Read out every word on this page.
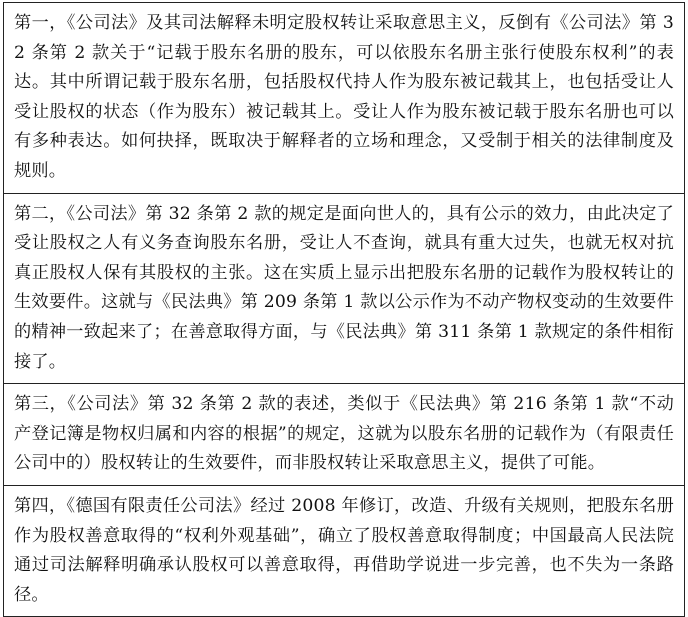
第一，《公司法》及其司法解释未明定股权转让采取意思主义，反倒有《公司法》第 32 条第 2 款关于“记载于股东名册的股东，可以依股东名册主张行使股东权利”的表达。其中所谓记载于股东名册，包括股权代持人作为股东被记载其上，也包括受让人受让股权的状态（作为股东）被记载其上。受让人作为股东被记载于股东名册也可以有多种表达。如何抉择，既取决于解释者的立场和理念，又受制于相关的法律制度及规则。
第二，《公司法》第 32 条第 2 款的规定是面向世人的，具有公示的效力，由此决定了受让股权之人有义务查询股东名册，受让人不查询，就具有重大过失，也就无权对抗真正股权人保有其股权的主张。这在实质上显示出把股东名册的记载作为股权转让的生效要件。这就与《民法典》第 209 条第 1 款以公示作为不动产物权变动的生效要件的精神一致起来了；在善意取得方面，与《民法典》第 311 条第 1 款规定的条件相衔接了。
第三，《公司法》第 32 条第 2 款的表述，类似于《民法典》第 216 条第 1 款“不动产登记簿是物权归属和内容的根据”的规定，这就为以股东名册的记载作为（有限责任公司中的）股权转让的生效要件，而非股权转让采取意思主义，提供了可能。
第四，《德国有限责任公司法》经过 2008 年修订，改造、升级有关规则，把股东名册作为股权善意取得的“权利外观基础”，确立了股权善意取得制度；中国最高人民法院通过司法解释明确承认股权可以善意取得，再借助学说进一步完善，也不失为一条路径。
